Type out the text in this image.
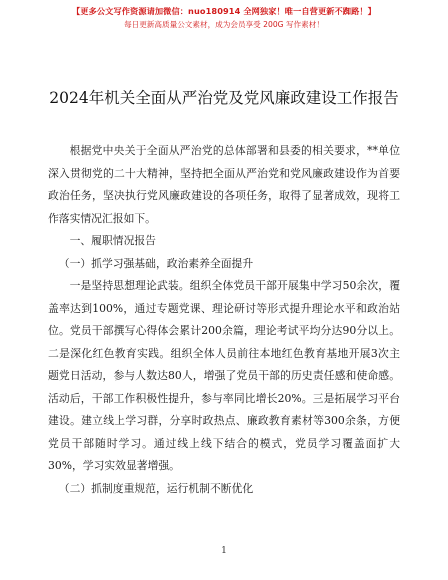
【更多公文写作资源请加微信：nuo180914 全网独家！唯一自营更新不踟路！】
每日更新高质量公文素材，成为会员享受 200G 写作素材！
2024年机关全面从严治党及党风廉政建设工作报告

根据党中央关于全面从严治党的总体部署和县委的相关要求，**单位深入贯彻党的二十大精神，坚持把全面从严治党和党风廉政建设作为首要政治任务，坚决执行党风廉政建设的各项任务，取得了显著成效，现将工作落实情况汇报如下。

一、履职情况报告

（一）抓学习强基础，政治素养全面提升

一是坚持思想理论武装。组织全体党员干部开展集中学习50余次，覆盖率达到100%，通过专题党课、理论研讨等形式提升理论水平和政治站位。党员干部撰写心得体会累计200余篇，理论考试平均分达90分以上。二是深化红色教育实践。组织全体人员前往本地红色教育基地开展3次主题党日活动，参与人数达80人，增强了党员干部的历史责任感和使命感。活动后，干部工作积极性提升，参与率同比增长20%。三是拓展学习平台建设。建立线上学习群，分享时政热点、廉政教育素材等300余条，方便党员干部随时学习。通过线上线下结合的模式，党员学习覆盖面扩大30%，学习实效显著增强。

（二）抓制度重规范，运行机制不断优化

1
